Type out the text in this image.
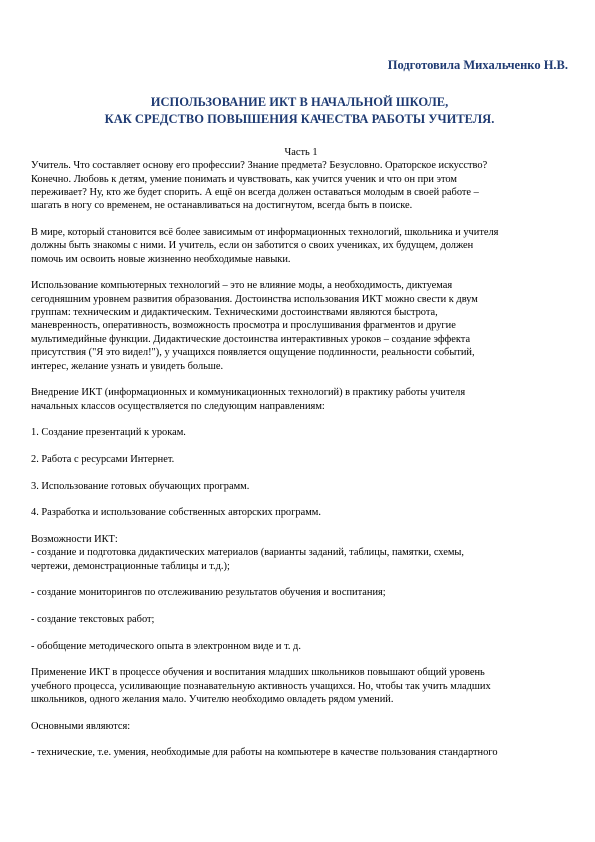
Подготовила Михальченко Н.В.
ИСПОЛЬЗОВАНИЕ ИКТ В НАЧАЛЬНОЙ ШКОЛЕ,
КАК СРЕДСТВО ПОВЫШЕНИЯ КАЧЕСТВА РАБОТЫ УЧИТЕЛЯ.

Часть 1

Учитель. Что составляет основу его профессии? Знание предмета? Безусловно. Ораторское искусство?
Конечно. Любовь к детям, умение понимать и чувствовать, как учится ученик и что он при этом
переживает? Ну, кто же будет спорить. А ещё он всегда должен оставаться молодым в своей работе –
шагать в ногу со временем, не останавливаться на достигнутом, всегда быть в поиске.

В мире, который становится всё более зависимым от информационных технологий, школьника и учителя
должны быть знакомы с ними. И учитель, если он заботится о своих учениках, их будущем, должен
помочь им освоить новые жизненно необходимые навыки.

Использование компьютерных технологий – это не влияние моды, а необходимость, диктуемая
сегодняшним уровнем развития образования. Достоинства использования ИКТ можно свести к двум
группам: техническим и дидактическим. Техническими достоинствами являются быстрота,
маневренность, оперативность, возможность просмотра и прослушивания фрагментов и другие
мультимедийные функции. Дидактические достоинства интерактивных уроков – создание эффекта
присутствия ("Я это видел!"), у учащихся появляется ощущение подлинности, реальности событий,
интерес, желание узнать и увидеть больше.

Внедрение ИКТ (информационных и коммуникационных технологий) в практику работы учителя
начальных классов осуществляется по следующим направлениям:

1. Создание презентаций к урокам.

2. Работа с ресурсами Интернет.

3. Использование готовых обучающих программ.

4. Разработка и использование собственных авторских программ.

Возможности ИКТ:
- создание и подготовка дидактических материалов (варианты заданий, таблицы, памятки, схемы,
чертежи, демонстрационные таблицы и т.д.);

- создание мониторингов по отслеживанию результатов обучения и воспитания;

- создание текстовых работ;

- обобщение методического опыта в электронном виде и т. д.

Применение ИКТ в процессе обучения и воспитания младших школьников повышают общий уровень
учебного процесса, усиливающие познавательную активность учащихся. Но, чтобы так учить младших
школьников, одного желания мало. Учителю необходимо овладеть рядом умений.

Основными являются:

- технические, т.е. умения, необходимые для работы на компьютере в качестве пользования стандартного
